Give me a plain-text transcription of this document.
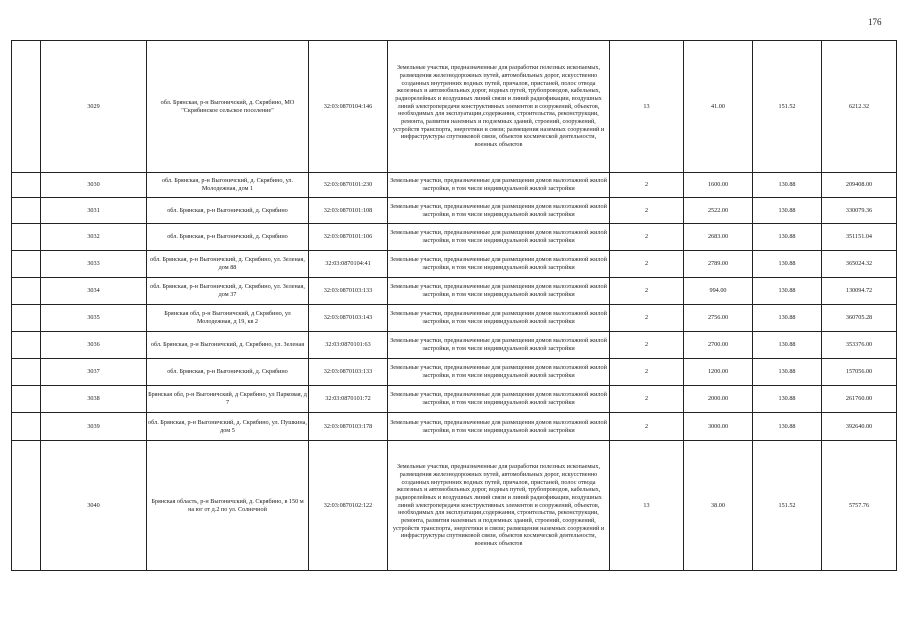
176
	3029	обл. Брянская, р-н Выгоничский, д. Скрябино, МО "Скрябинское сельское поселение"	32:03:0870104:146	Земельные участки, предназначенные для разработки полезных ископаемых, размещения железнодорожных путей, автомобильных дорог, искусственно созданных внутренних водных путей, причалов, пристаней, полос отвода железных и автомобильных дорог, водных путей, трубопроводов, кабельных, радиорелейных и воздушных линий связи и линий радиофикации, воздушных линий электропередачи конструктивных элементов и сооружений, объектов, необходимых для эксплуатации,содержания, строительства, реконструкции, ремонта, развития наземных и подземных зданий, строений, сооружений, устройств транспорта, энергетики и связи; размещения наземных сооружений и инфраструктуры спутниковой связи, объектов космической деятельности, военных объектов	13	41.00	151.52	6212.32
	3030	обл. Брянская, р-н Выгоничский, д. Скрябино, ул. Молодежная, дом 1	32:03:0870101:230	Земельные участки, предназначенные для размещения домов малоэтажной жилой застройки, в том числе индивидуальной жилой застройки	2	1600.00	130.88	209408.00
	3031	обл. Брянская, р-н Выгоничский, д. Скрябино	32:03:0870101:108	Земельные участки, предназначенные для размещения домов малоэтажной жилой застройки, в том числе индивидуальной жилой застройки	2	2522.00	130.88	330079.36
	3032	обл. Брянская, р-н Выгоничский, д. Скрябино	32:03:0870101:106	Земельные участки, предназначенные для размещения домов малоэтажной жилой застройки, в том числе индивидуальной жилой застройки	2	2683.00	130.88	351151.04
	3033	обл. Брянская, р-н Выгоничский, д. Скрябино, ул. Зеленая, дом 88	32:03:0870104:41	Земельные участки, предназначенные для размещения домов малоэтажной жилой застройки, в том числе индивидуальной жилой застройки	2	2789.00	130.88	365024.32
	3034	обл. Брянская, р-н Выгоничский, д. Скрябино, ул. Зеленая, дом 37	32:03:0870103:133	Земельные участки, предназначенные для размещения домов малоэтажной жилой застройки, в том числе индивидуальной жилой застройки	2	994.00	130.88	130094.72
	3035	Брянская обл, р-н Выгоничский, д Скрябино, ул Молодежная, д 19, кв 2	32:03:0870103:143	Земельные участки, предназначенные для размещения домов малоэтажной жилой застройки, в том числе индивидуальной жилой застройки	2	2756.00	130.88	360705.28
	3036	обл. Брянская, р-н Выгоничский, д. Скрябино, ул. Зеленая	32:03:0870101:63	Земельные участки, предназначенные для размещения домов малоэтажной жилой застройки, в том числе индивидуальной жилой застройки	2	2700.00	130.88	353376.00
	3037	обл. Брянская, р-н Выгоничский, д. Скрябино	32:03:0870103:133	Земельные участки, предназначенные для размещения домов малоэтажной жилой застройки, в том числе индивидуальной жилой застройки	2	1200.00	130.88	157056.00
	3038	Брянская обл, р-н Выгоничский, д Скрябино, ул Парковая, д 7	32:03:0870101:72	Земельные участки, предназначенные для размещения домов малоэтажной жилой застройки, в том числе индивидуальной жилой застройки	2	2000.00	130.88	261760.00
	3039	обл. Брянская, р-н Выгоничский, д. Скрябино, ул. Пушкина, дом 5	32:03:0870103:178	Земельные участки, предназначенные для размещения домов малоэтажной жилой застройки, в том числе индивидуальной жилой застройки	2	3000.00	130.88	392640.00
	3040	Брянская область, р-н Выгоничский, д. Скрябино, в 150 м на юг от д.2 по ул. Солнечной	32:03:0870102:122	Земельные участки, предназначенные для разработки полезных ископаемых, размещения железнодорожных путей, автомобильных дорог, искусственно созданных внутренних водных путей, причалов, пристаней, полос отвода железных и автомобильных дорог, водных путей, трубопроводов, кабельных, радиорелейных и воздушных линий связи и линий радиофикации, воздушных линий электропередачи конструктивных элементов и сооружений, объектов, необходимых для эксплуатации,содержания, строительства, реконструкции, ремонта, развития наземных и подземных зданий, строений, сооружений, устройств транспорта, энергетики и связи; размещения наземных сооружений и инфраструктуры спутниковой связи, объектов космической деятельности, военных объектов	13	38.00	151.52	5757.76
